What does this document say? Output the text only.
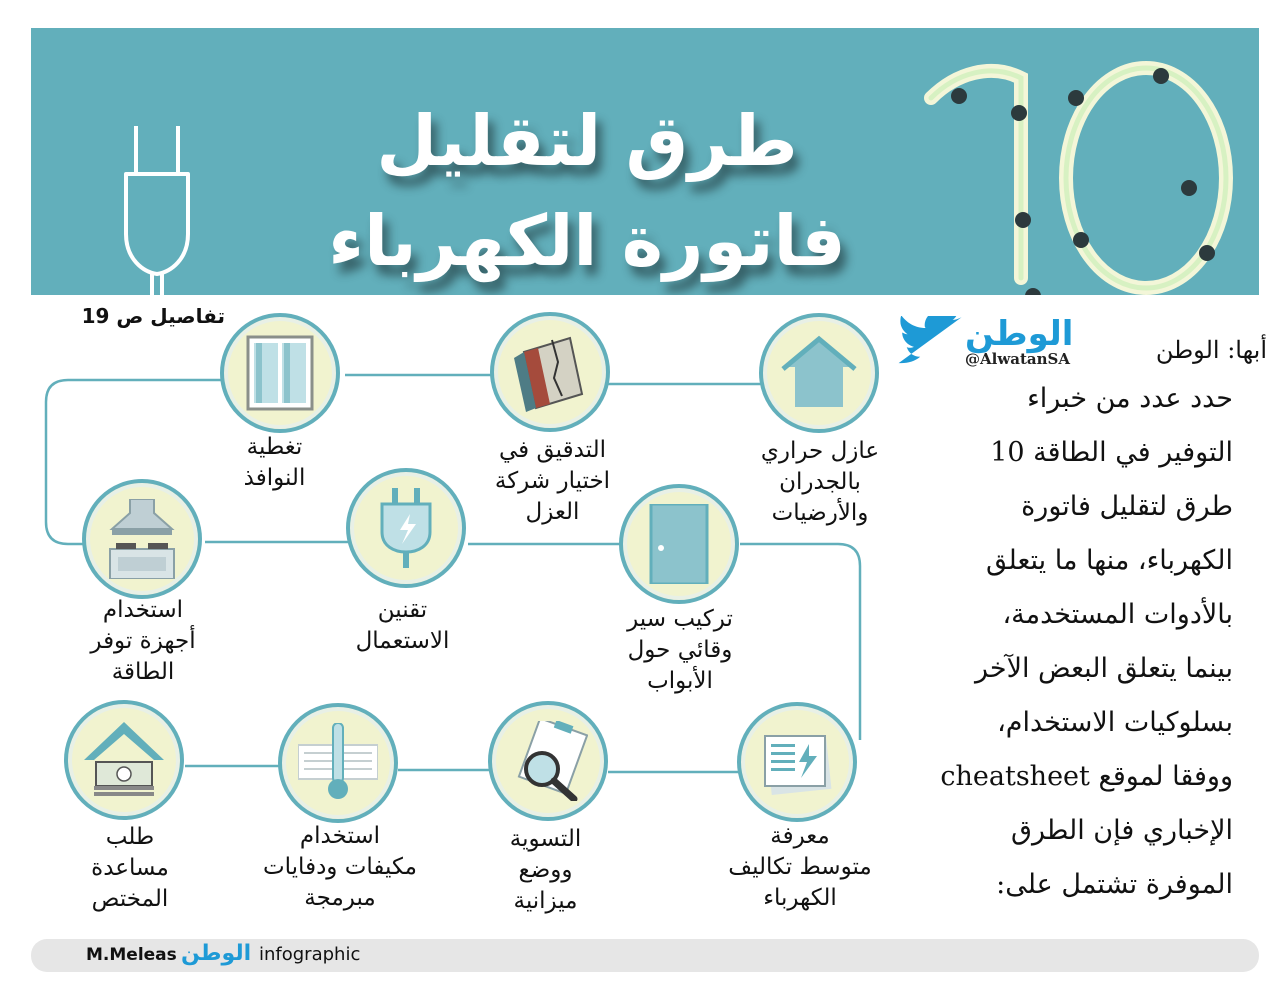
طرق لتقليل
فاتورة الكهرباء
تفاصيل ص 19
عازل حراري
بالجدران
والأرضيات
التدقيق في
اختيار شركة
العزل
تغطية
النوافذ
تركيب سير
وقائي حول
الأبواب
تقنين
الاستعمال
استخدام
أجهزة توفر
الطاقة
معرفة
متوسط تكاليف
الكهرباء
التسوية
ووضع
ميزانية
استخدام
مكيفات ودفايات
مبرمجة
طلب
مساعدة
المختص
الوطن
@AlwatanSA	أبها: الوطن

حدد عدد من خبراء

التوفير في الطاقة 10

طرق لتقليل فاتورة

الكهرباء، منها ما يتعلق

بالأدوات المستخدمة،

بينما يتعلق البعض الآخر

بسلوكيات الاستخدام،

ووفقا لموقع cheatsheet

الإخباري فإن الطرق

الموفرة تشتمل على:

M.Meleas الوطن infographic
